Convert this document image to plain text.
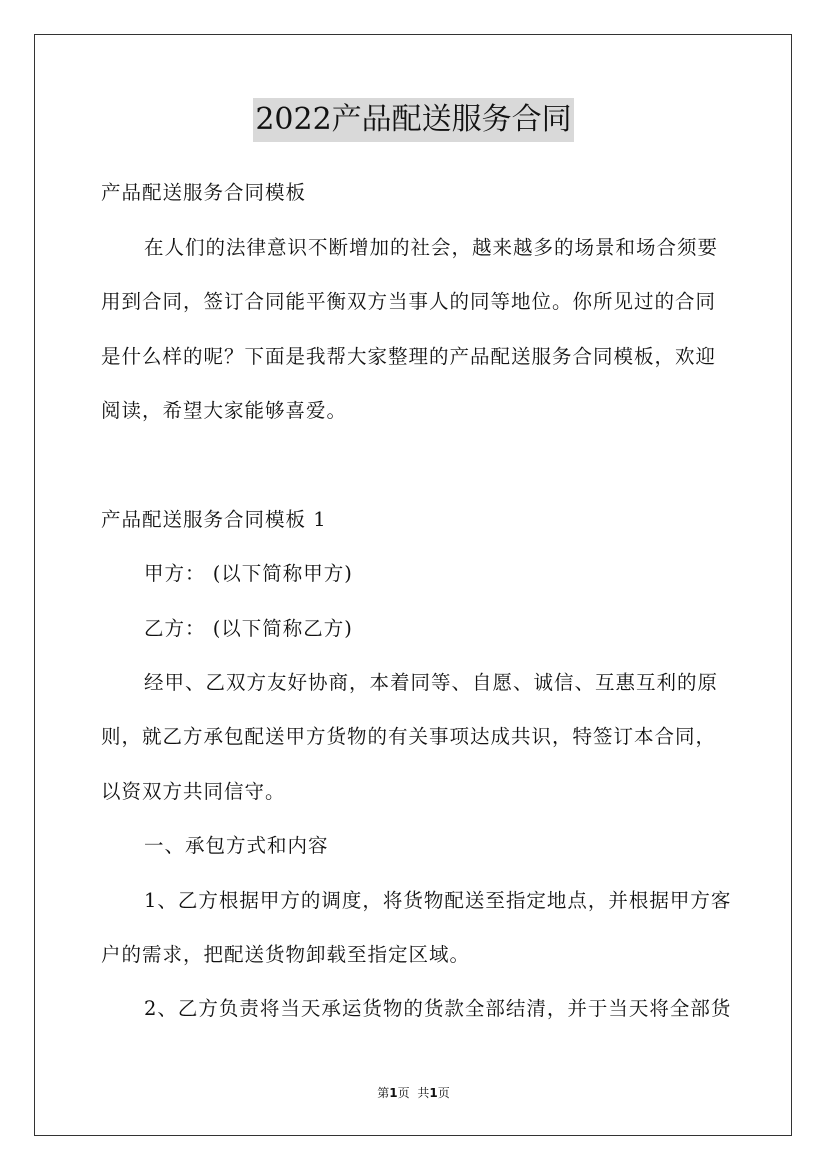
2022产品配送服务合同
产品配送服务合同模板
在人们的法律意识不断增加的社会，越来越多的场景和场合须要
用到合同，签订合同能平衡双方当事人的同等地位。你所见过的合同
是什么样的呢？下面是我帮大家整理的产品配送服务合同模板，欢迎
阅读，希望大家能够喜爱。
产品配送服务合同模板 1
甲方： (以下简称甲方)
乙方： (以下简称乙方)
经甲、乙双方友好协商，本着同等、自愿、诚信、互惠互利的原
则，就乙方承包配送甲方货物的有关事项达成共识，特签订本合同，
以资双方共同信守。
一、承包方式和内容
1、乙方根据甲方的调度，将货物配送至指定地点，并根据甲方客
户的需求，把配送货物卸载至指定区域。
2、乙方负责将当天承运货物的货款全部结清，并于当天将全部货
第1页 共1页
